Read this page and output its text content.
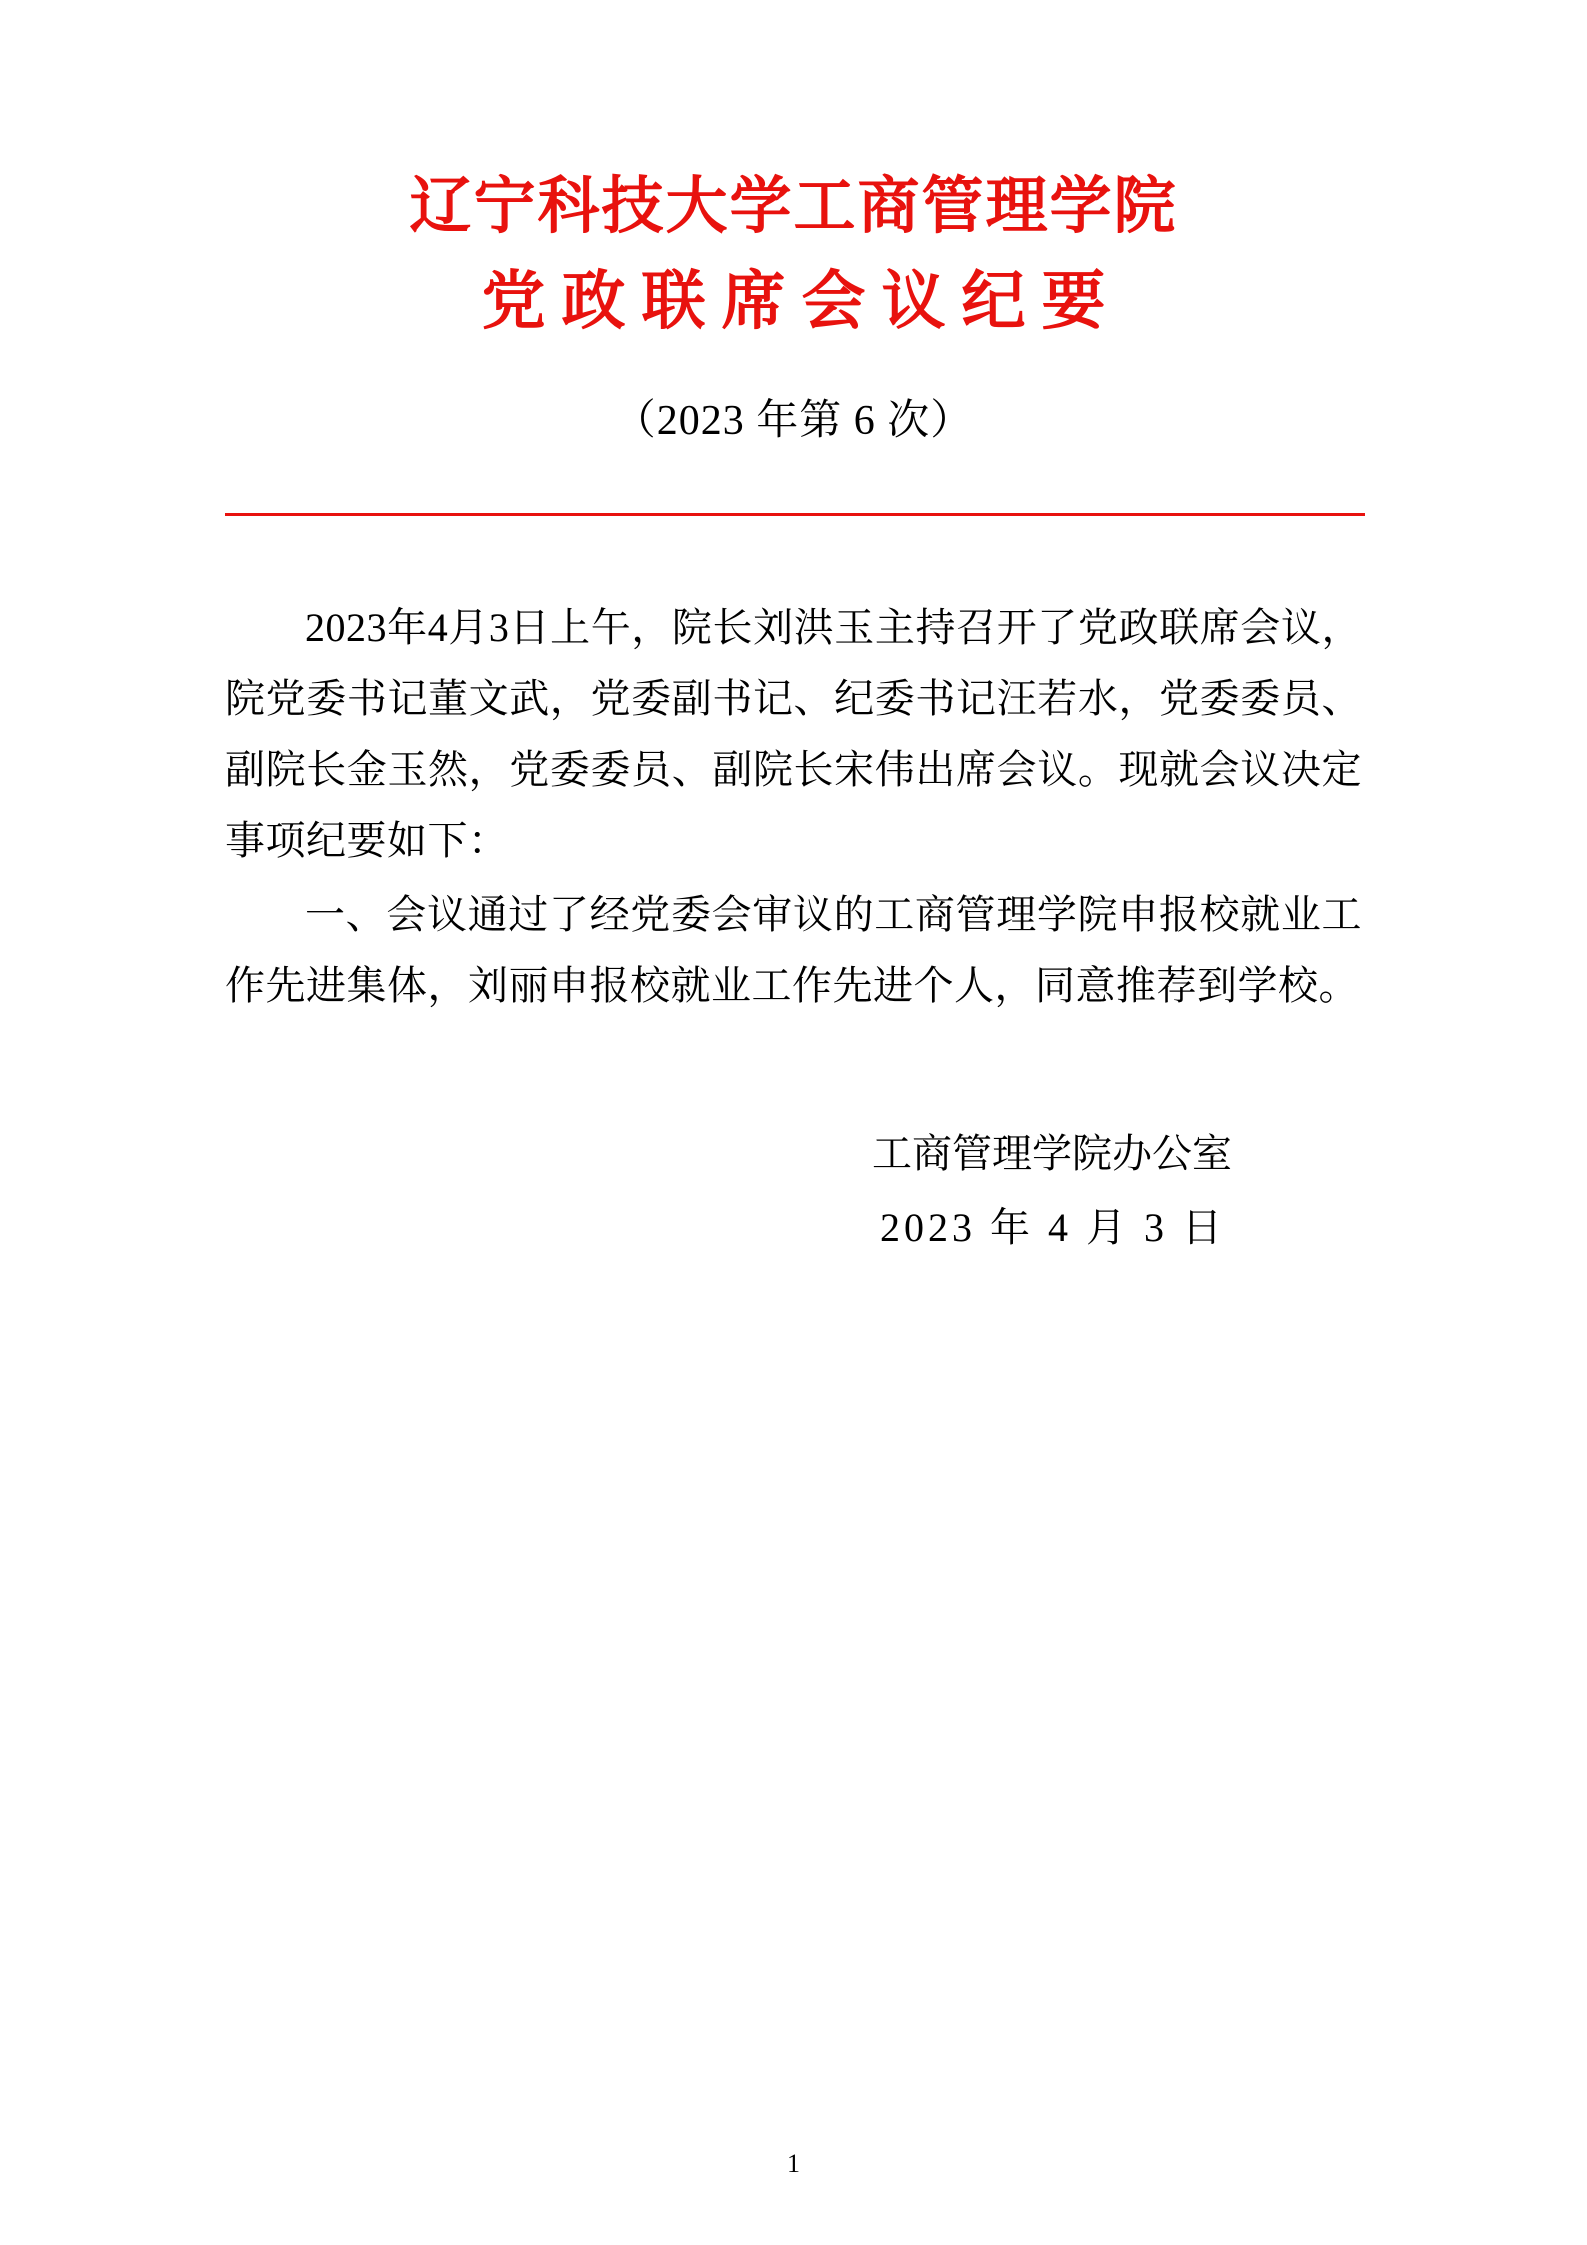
辽宁科技大学工商管理学院
党政联席会议纪要
（2023 年第 6 次）

2023年4月3日上午，院长刘洪玉主持召开了党政联席会议，院党委书记董文武，党委副书记、纪委书记汪若水，党委委员、副院长金玉然，党委委员、副院长宋伟出席会议。现就会议决定事项纪要如下：

一、会议通过了经党委会审议的工商管理学院申报校就业工作先进集体，刘丽申报校就业工作先进个人，同意推荐到学校。

工商管理学院办公室
2023 年 4 月 3 日
1
